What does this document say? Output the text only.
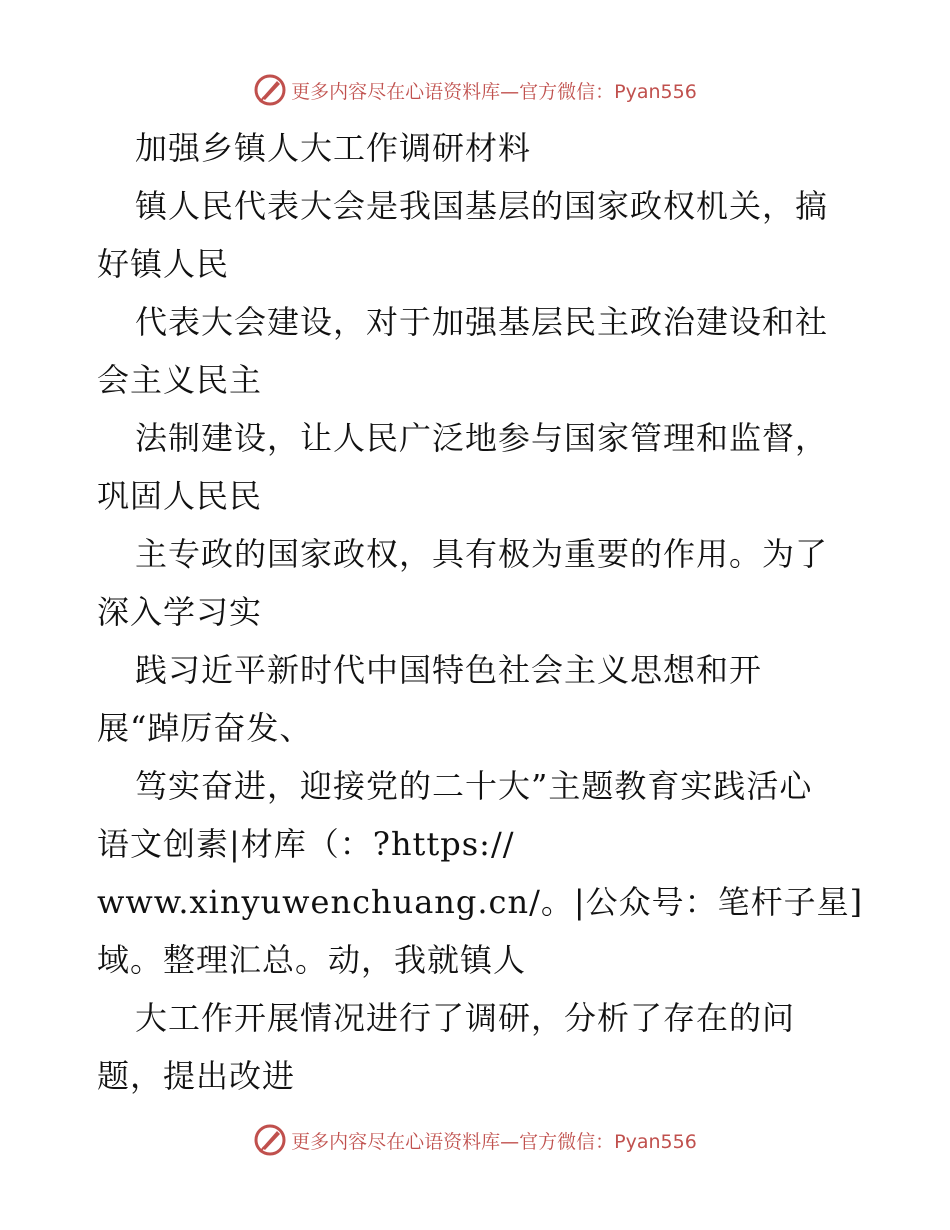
更多内容尽在心语资料库—官方微信：Pyan556
加强乡镇人大工作调研材料
镇人民代表大会是我国基层的国家政权机关，搞
好镇人民
代表大会建设，对于加强基层民主政治建设和社
会主义民主
法制建设，让人民广泛地参与国家管理和监督，
巩固人民民
主专政的国家政权，具有极为重要的作用。为了
深入学习实
践习近平新时代中国特色社会主义思想和开
展“踔厉奋发、
笃实奋进，迎接党的二十大”主题教育实践活心
语文创素|材库（：?https://
www.xinyuwenchuang.cn/。|公众号：笔杆子星]
域。整理汇总。动，我就镇人
大工作开展情况进行了调研，分析了存在的问
题，提出改进
更多内容尽在心语资料库—官方微信：Pyan556
